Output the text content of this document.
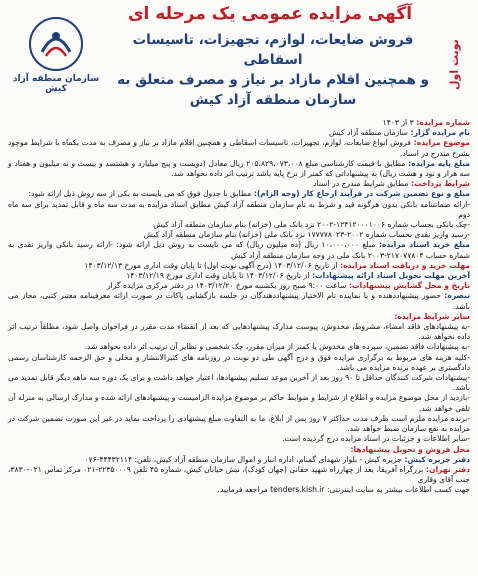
نوبت اول
آگهی مزایده عمومی یک مرحله ای
فروش ضایعات، لوازم، تجهیزات، تاسیسات اسقاطی
و همچنین اقلام مازاد بر نیاز و مصرف متعلق به
سازمان منطقه آزاد کیش
سازمان منطقه آزاد کیش

شماره مزایده: ۳ از ۱۴۰۳

نام مزایده گزار: سازمان منطقه آزاد کیش

موضوع مزایده: فروش انواع ضایعات، لوازم، تجهیزات، تاسیسات اسقاطی و همچنین اقلام مازاد بر نیاز و مصرف به مدت یکماه با شرایط موجود بشرح مندرج در اسناد.

مبلغ پایه مزایده: مطابق با قیمت کارشناسی مبلغ ۲۰۵،۸۲۹،۰۷۳،۰۰۸ ریال معادل (دویست و پنج میلیارد و هشتصد و بیست و نه میلیون و هفتاد و سه هزار و نود و هشت ریال) به پیشنهاداتی که کمتر از نرخ پایه باشد ترتیب اثر داده نخواهد شد.

شرایط پرداخت: مطابق شرایط مندرج در اسناد

مبلغ و نوع تضمین شرکت در فرآیند ارجاع کار (وجه الزام): مطابق با جدول فوق که می بایست به یکی از سه روش ذیل ارائه شود:

-ارائه ضمانتنامه بانکی بدون هرگونه قید و شرط به نام سازمان منطقه آزاد کیش مطابق اسناد مزایده به مدت سه ماه و قابل تمدید برای سه ماه دوم

-چک بانکی بحساب شماره ۱۲۴۱۲۰۰۰۱۰۰۶-۲۰۰۲ نزد بانک ملی (خزانه) بنام سازمان منطقه آزاد کیش

-رسید واریز نقدی بحساب شماره ۲۰۰۲-۱۷۷۷۷۸۰۲۳ نزد بانک ملی (خزانه) بنام سازمان منطقه آزاد کیش

مبلغ خرید اسناد مزایده: مبلغ ۱۰،۰۰۰،۰۰۰ ریال (ده میلیون ریال) که می بایست به روش ذیل ارائه شود: -ارائه رسید بانکی واریز نقدی به شماره حساب ۲۱۷۰۷۷۸۰۴-۲۰۰۳ بانک ملی در وجه سازمان منطقه آزاد کیش

مهلت خرید و دریافت اسناد مزایده: از تاریخ ۱۴۰۳/۱۲/۰۶ (درج آگهی نوبت اول) تا پایان وقت اداری مورخ ۱۴۰۳/۱۲/۱۳

آخرین مهلت تحویل اسناد ارائه پیشنهادات: از تاریخ ۱۴۰۳/۱۲/۰۶ تا پایان وقت اداری مورخ ۱۴۰۳/۱۲/۱۹

تاریخ و محل گشایش پیشنهادات: ساعت ۹:۰۰ صبح روز یکشنبه مورخ ۱۴۰۳/۱۲/۲۰ در دفتر مرکزی مزایده گزار

تبصره: حضور پیشنهاددهنده و یا نماینده تام الاختیار پیشنهاددهندگان در جلسه بازگشایی پاکات در صورت ارائه معرفینامه معتبر کتبی، مجاز می باشد.

سایر شرایط مزایده:

-به پیشنهادهای فاقد امضاء، مشروط، مخدوش، پیوست مدارک پیشنهادهایی که بعد از انقضاء مدت مقرر در فراخوان واصل شود، مطلقاً ترتیب اثر داده نخواهد شد.

-به پیشنهادات فاقد تضمین، سپرده های مخدوش یا کمتر از میزان مقرر، چک شخصی و نظایر آن ترتیب اثر داده نخواهد شد.

-کلیه هزینه های مربوط به برگزاری مزایده فوق و درج آگهی طی دو نوبت در روزنامه های کثیرالانتشار و محلی و حق الزحمه کارشناسان رسمی دادگستری بر عهده برنده مزایده می باشد.

-پیشنهادات شرکت کنندگان حداقل تا ۹۰ روز بعد از آخرین موعد تسلیم پیشنهادها، اعتبار خواهد داشت و برای یک دوره سه ماهه دیگر قابل تمدید می باشد.

-بازدید از محل موضوع مزایده و اطلاع از شرایط و ضوابط حاکم بر موضوع مزایده الزامیست و پیشنهادهای ارائه شده و مدارک ارسالی به منزله آن تلقی خواهد شد.

-برنده مزایده ملزم است ظرف مدت حداکثر ۷ روز پس از ابلاغ، ما به التفاوت مبلغ پیشنهادی را پرداخت نماید در غیر این صورت تضمین شرکت در مزایده به نفع سازمان ضبط خواهد شد.

-سایر اطلاعات و جزئیات در اسناد مزایده درج گردیده است.

محل فروش و تحویل پیشنهادها:

دفتر جزیره کیش: جزیره کیش - بلوار شهدای گمنام، اداره انبار و اموال سازمان منطقه آزاد کیش، تلفن: ۴۴۴۳۲۱۱۴-۰۷۶

دفتر تهران: بزرگراه آفریقا، بعد از چهارراه شهید حقانی (جهان کودک)، نبش خیابان کیش، شماره ۴۵ تلفن ۲۲۳۵۰۰۰۹-۰۲۱ مرکز تماس ۰۲۱-۳۸۳۰، جنب آقای وقاری

جهت کسب اطلاعات بیشتر به سایت اینترنتی: tenders.kish.ir مراجعه فرمایید.
